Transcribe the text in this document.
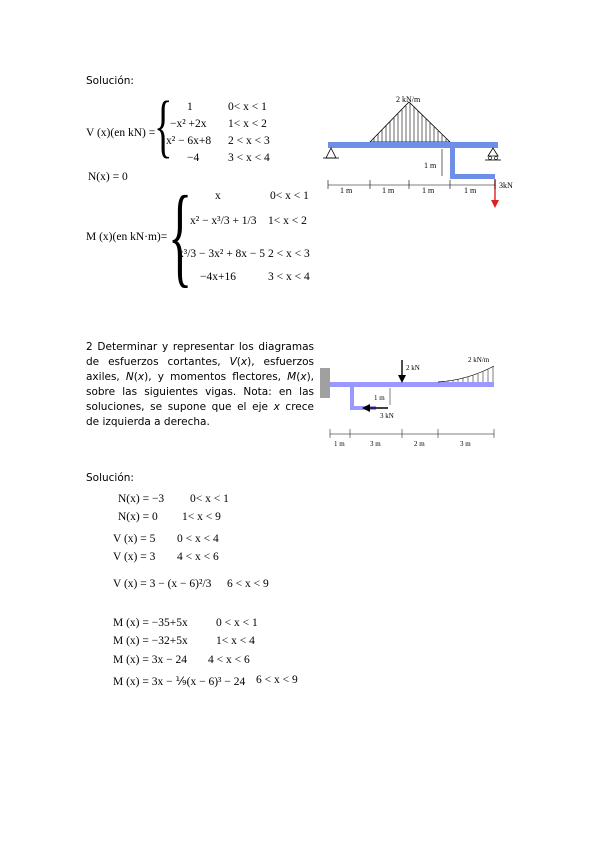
Solución:
V (x)(en kN) =
{ 1	0< x < 1
−x² +2x 1< x < 2
x² − 6x+8 2 < x < 3
−4	3 < x < 4
N(x) = 0
M (x)(en kN·m)= { x	0< x < 1
x² − x³/3 + 1/3 1< x < 2
x³/3 − 3x² + 8x − 5 2 < x < 3
−4x+16	3 < x < 4
2 kN/m
1 m
3kN
1 m	1 m	1 m	1 m
2 Determinar y representar los diagramas de esfuerzos cortantes, V(x), esfuerzos axiles, N(x), y momentos flectores, M(x), sobre las siguientes vigas. Nota: en las soluciones, se supone que el eje x crece de izquierda a derecha.
2 kN
2 kN/m
3 kN
1 m
1 m	3 m	2 m	3 m
Solución:
N(x) = −3 0< x < 1
N(x) = 0 1< x < 9
V (x) = 5 0 < x < 4
V (x) = 3 4 < x < 6
V (x) = 3 − (x − 6)²/3 6 < x < 9
M (x) = −35+5x 0 < x < 1
M (x) = −32+5x 1< x < 4
M (x) = 3x − 24 4 < x < 6
M (x) = 3x − ⅑(x − 6)³ − 24 6 < x < 9
